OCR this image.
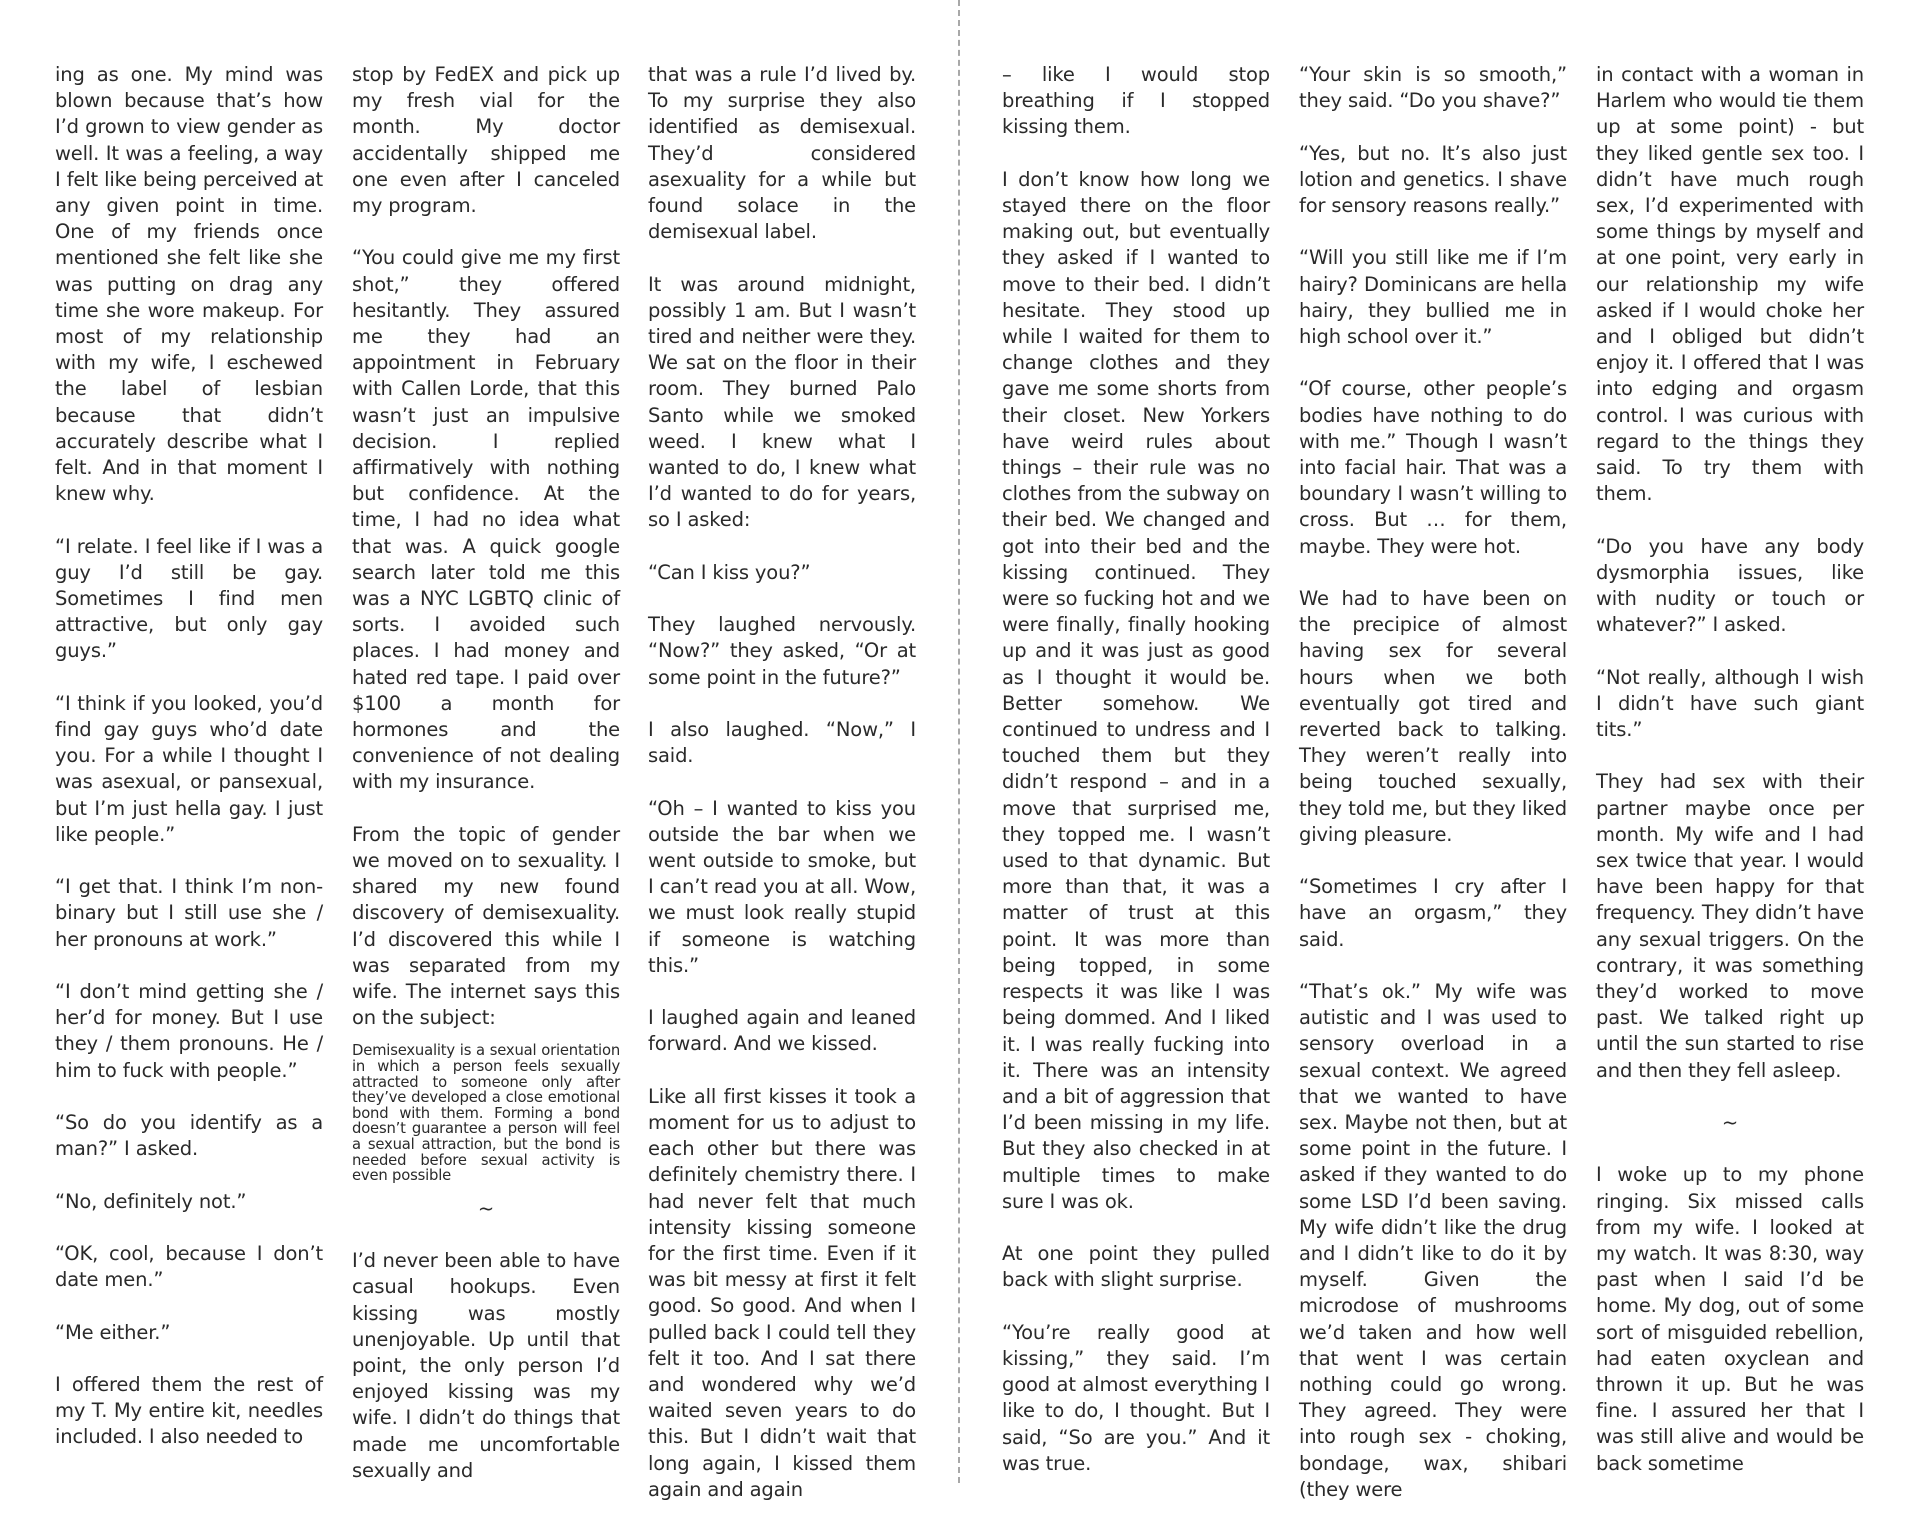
ing as one. My mind was blown because that’s how I’d grown to view gender as well. It was a feeling, a way I felt like being perceived at any given point in time. One of my friends once mentioned she felt like she was putting on drag any time she wore makeup. For most of my relationship with my wife, I eschewed the label of lesbian because that didn’t accurately describe what I felt. And in that moment I knew why.

“I relate. I feel like if I was a guy I’d still be gay. Sometimes I find men attractive, but only gay guys.”

“I think if you looked, you’d find gay guys who’d date you. For a while I thought I was asexual, or pansexual, but I’m just hella gay. I just like people.”

“I get that. I think I’m non-binary but I still use she / her pronouns at work.”

“I don’t mind getting she / her’d for money. But I use they / them pronouns. He / him to fuck with people.”

“So do you identify as a man?” I asked.

“No, definitely not.”

“OK, cool, because I don’t date men.”

“Me either.”

I offered them the rest of my T. My entire kit, needles included. I also needed to

stop by FedEX and pick up my fresh vial for the month. My doctor accidentally shipped me one even after I canceled my program.

“You could give me my first shot,” they offered hesitantly. They assured me they had an appointment in February with Callen Lorde, that this wasn’t just an impulsive decision. I replied affirmatively with nothing but confidence. At the time, I had no idea what that was. A quick google search later told me this was a NYC LGBTQ clinic of sorts. I avoided such places. I had money and hated red tape. I paid over $100 a month for hormones and the convenience of not dealing with my insurance.

From the topic of gender we moved on to sexuality. I shared my new found discovery of demisexuality. I’d discovered this while I was separated from my wife. The internet says this on the subject:

Demisexuality is a sexual orientation in which a person feels sexually attracted to someone only after they’ve developed a close emotional bond with them. Forming a bond doesn’t guarantee a person will feel a sexual attraction, but the bond is needed before sexual activity is even possible

~

I’d never been able to have casual hookups. Even kissing was mostly unenjoyable. Up until that point, the only person I’d enjoyed kissing was my wife. I didn’t do things that made me uncomfortable sexually and

that was a rule I’d lived by. To my surprise they also identified as demisexual. They’d considered asexuality for a while but found solace in the demisexual label.

It was around midnight, possibly 1 am. But I wasn’t tired and neither were they. We sat on the floor in their room. They burned Palo Santo while we smoked weed. I knew what I wanted to do, I knew what I’d wanted to do for years, so I asked:

“Can I kiss you?”

They laughed nervously. “Now?” they asked, “Or at some point in the future?”

I also laughed. “Now,” I said.

“Oh – I wanted to kiss you outside the bar when we went outside to smoke, but I can’t read you at all. Wow, we must look really stupid if someone is watching this.”

I laughed again and leaned forward. And we kissed.

Like all first kisses it took a moment for us to adjust to each other but there was definitely chemistry there. I had never felt that much intensity kissing someone for the first time. Even if it was bit messy at first it felt good. So good. And when I pulled back I could tell they felt it too. And I sat there and wondered why we’d waited seven years to do this. But I didn’t wait that long again, I kissed them again and again

– like I would stop breathing if I stopped kissing them.

I don’t know how long we stayed there on the floor making out, but eventually they asked if I wanted to move to their bed. I didn’t hesitate. They stood up while I waited for them to change clothes and they gave me some shorts from their closet. New Yorkers have weird rules about things – their rule was no clothes from the subway on their bed. We changed and got into their bed and the kissing continued. They were so fucking hot and we were finally, finally hooking up and it was just as good as I thought it would be. Better somehow. We continued to undress and I touched them but they didn’t respond – and in a move that surprised me, they topped me. I wasn’t used to that dynamic. But more than that, it was a matter of trust at this point. It was more than being topped, in some respects it was like I was being dommed. And I liked it. I was really fucking into it. There was an intensity and a bit of aggression that I’d been missing in my life. But they also checked in at multiple times to make sure I was ok.

At one point they pulled back with slight surprise.

“You’re really good at kissing,” they said. I’m good at almost everything I like to do, I thought. But I said, “So are you.” And it was true.

“Your skin is so smooth,” they said. “Do you shave?”

“Yes, but no. It’s also just lotion and genetics. I shave for sensory reasons really.”

“Will you still like me if I’m hairy? Dominicans are hella hairy, they bullied me in high school over it.”

“Of course, other people’s bodies have nothing to do with me.” Though I wasn’t into facial hair. That was a boundary I wasn’t willing to cross. But … for them, maybe. They were hot.

We had to have been on the precipice of almost having sex for several hours when we both eventually got tired and reverted back to talking. They weren’t really into being touched sexually, they told me, but they liked giving pleasure.

“Sometimes I cry after I have an orgasm,” they said.

“That’s ok.” My wife was autistic and I was used to sensory overload in a sexual context. We agreed that we wanted to have sex. Maybe not then, but at some point in the future. I asked if they wanted to do some LSD I’d been saving. My wife didn’t like the drug and I didn’t like to do it by myself. Given the microdose of mushrooms we’d taken and how well that went I was certain nothing could go wrong. They agreed. They were into rough sex - choking, bondage, wax, shibari (they were

in contact with a woman in Harlem who would tie them up at some point) - but they liked gentle sex too. I didn’t have much rough sex, I’d experimented with some things by myself and at one point, very early in our relationship my wife asked if I would choke her and I obliged but didn’t enjoy it. I offered that I was into edging and orgasm control. I was curious with regard to the things they said. To try them with them.

“Do you have any body dysmorphia issues, like with nudity or touch or whatever?” I asked.

“Not really, although I wish I didn’t have such giant tits.”

They had sex with their partner maybe once per month. My wife and I had sex twice that year. I would have been happy for that frequency. They didn’t have any sexual triggers. On the contrary, it was something they’d worked to move past. We talked right up until the sun started to rise and then they fell asleep.

~

I woke up to my phone ringing. Six missed calls from my wife. I looked at my watch. It was 8:30, way past when I said I’d be home. My dog, out of some sort of misguided rebellion, had eaten oxyclean and thrown it up. But he was fine. I assured her that I was still alive and would be back sometime
